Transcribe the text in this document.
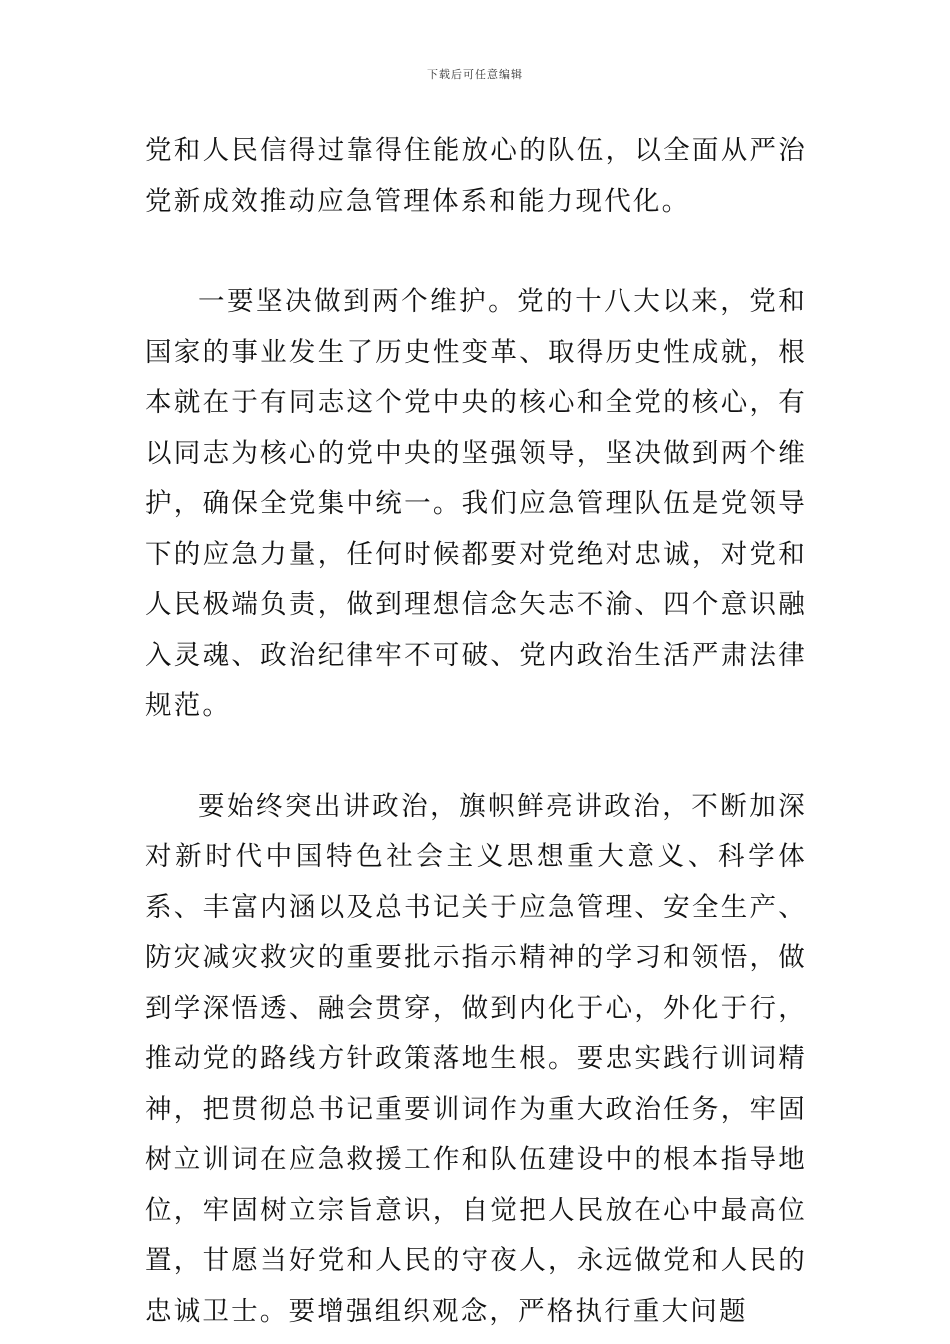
下载后可任意编辑

党和人民信得过靠得住能放心的队伍，以全面从严治党新成效推动应急管理体系和能力现代化。

一要坚决做到两个维护。党的十八大以来，党和国家的事业发生了历史性变革、取得历史性成就，根本就在于有同志这个党中央的核心和全党的核心，有以同志为核心的党中央的坚强领导，坚决做到两个维护，确保全党集中统一。我们应急管理队伍是党领导下的应急力量，任何时候都要对党绝对忠诚，对党和人民极端负责，做到理想信念矢志不渝、四个意识融入灵魂、政治纪律牢不可破、党内政治生活严肃法律规范。

要始终突出讲政治，旗帜鲜亮讲政治，不断加深对新时代中国特色社会主义思想重大意义、科学体系、丰富内涵以及总书记关于应急管理、安全生产、防灾减灾救灾的重要批示指示精神的学习和领悟，做到学深悟透、融会贯穿，做到内化于心，外化于行，推动党的路线方针政策落地生根。要忠实践行训词精神，把贯彻总书记重要训词作为重大政治任务，牢固树立训词在应急救援工作和队伍建设中的根本指导地位，牢固树立宗旨意识，自觉把人民放在心中最高位置，甘愿当好党和人民的守夜人，永远做党和人民的忠诚卫士。要增强组织观念，严格执行重大问题
